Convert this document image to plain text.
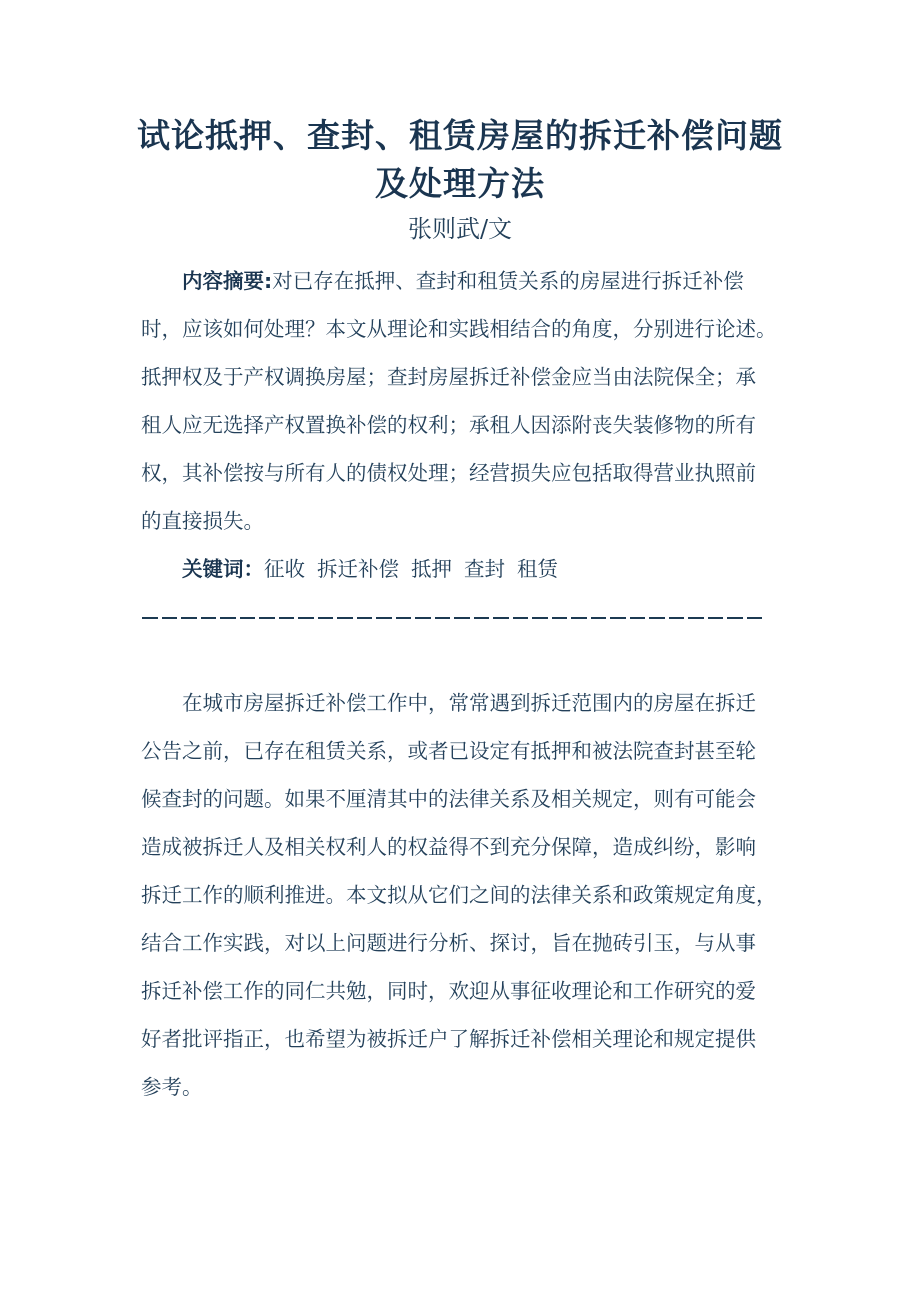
试论抵押、查封、租赁房屋的拆迁补偿问题
及处理方法
张则武/文
内容摘要:对已存在抵押、查封和租赁关系的房屋进行拆迁补偿
时，应该如何处理？本文从理论和实践相结合的角度，分别进行论述。
抵押权及于产权调换房屋；查封房屋拆迁补偿金应当由法院保全；承
租人应无选择产权置换补偿的权利；承租人因添附丧失装修物的所有
权，其补偿按与所有人的债权处理；经营损失应包括取得营业执照前
的直接损失。
关键词：征收 拆迁补偿 抵押 查封 租赁
在城市房屋拆迁补偿工作中，常常遇到拆迁范围内的房屋在拆迁
公告之前，已存在租赁关系，或者已设定有抵押和被法院查封甚至轮
候查封的问题。如果不厘清其中的法律关系及相关规定，则有可能会
造成被拆迁人及相关权利人的权益得不到充分保障，造成纠纷，影响
拆迁工作的顺利推进。本文拟从它们之间的法律关系和政策规定角度，
结合工作实践，对以上问题进行分析、探讨，旨在抛砖引玉，与从事
拆迁补偿工作的同仁共勉，同时，欢迎从事征收理论和工作研究的爱
好者批评指正，也希望为被拆迁户了解拆迁补偿相关理论和规定提供
参考。
